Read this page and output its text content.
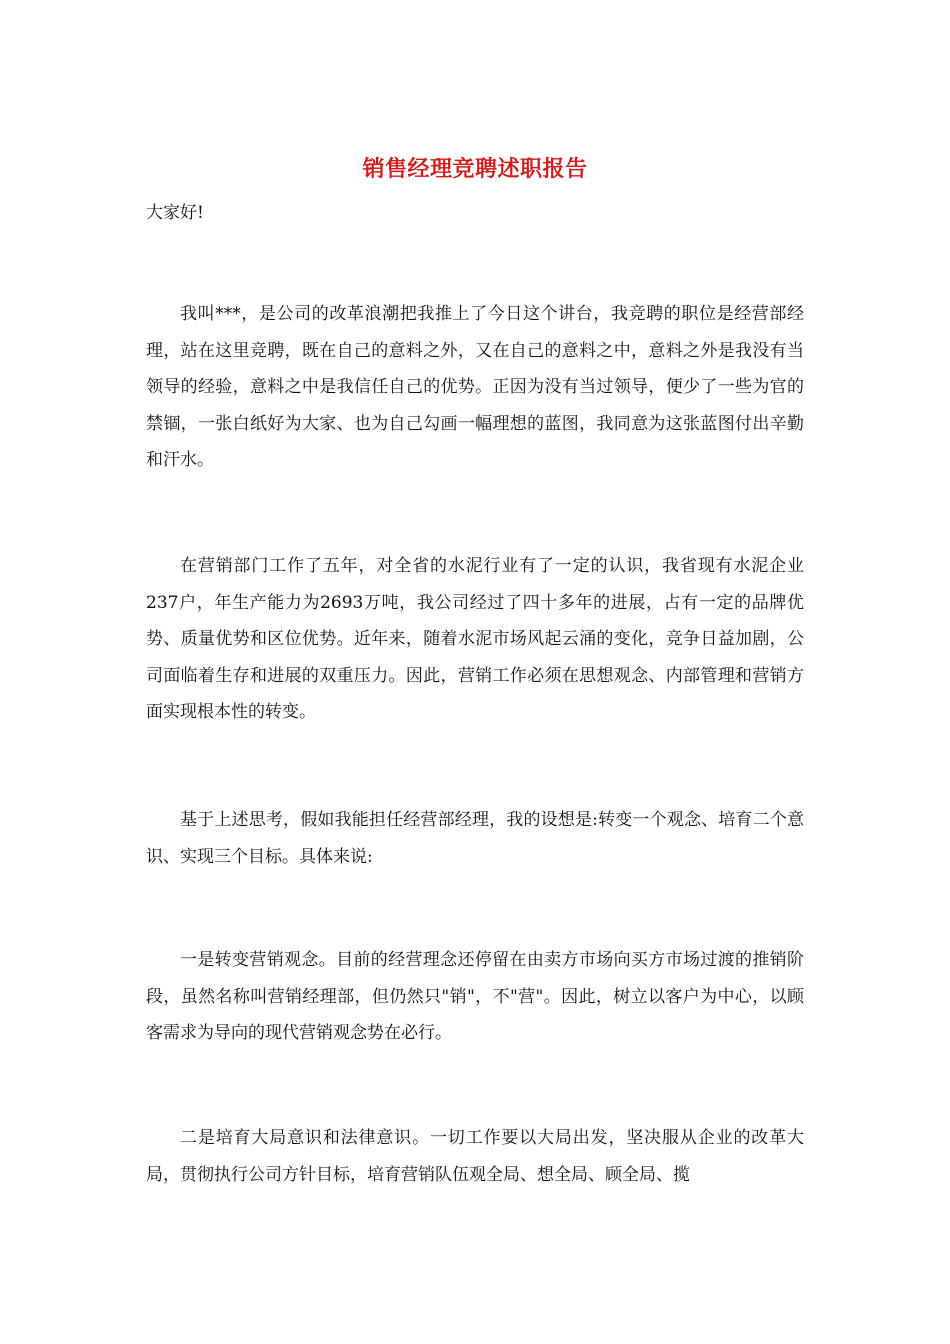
销售经理竞聘述职报告
大家好!

我叫***，是公司的改革浪潮把我推上了今日这个讲台，我竞聘的职位是经营部经理，站在这里竞聘，既在自己的意料之外，又在自己的意料之中，意料之外是我没有当领导的经验，意料之中是我信任自己的优势。正因为没有当过领导，便少了一些为官的禁锢，一张白纸好为大家、也为自己勾画一幅理想的蓝图，我同意为这张蓝图付出辛勤和汗水。

在营销部门工作了五年，对全省的水泥行业有了一定的认识，我省现有水泥企业237户，年生产能力为2693万吨，我公司经过了四十多年的进展，占有一定的品牌优势、质量优势和区位优势。近年来，随着水泥市场风起云涌的变化，竞争日益加剧，公司面临着生存和进展的双重压力。因此，营销工作必须在思想观念、内部管理和营销方面实现根本性的转变。

基于上述思考，假如我能担任经营部经理，我的设想是:转变一个观念、培育二个意识、实现三个目标。具体来说:

一是转变营销观念。目前的经营理念还停留在由卖方市场向买方市场过渡的推销阶段，虽然名称叫营销经理部，但仍然只"销"，不"营"。因此，树立以客户为中心，以顾客需求为导向的现代营销观念势在必行。

二是培育大局意识和法律意识。一切工作要以大局出发，坚决服从企业的改革大局，贯彻执行公司方针目标，培育营销队伍观全局、想全局、顾全局、揽
